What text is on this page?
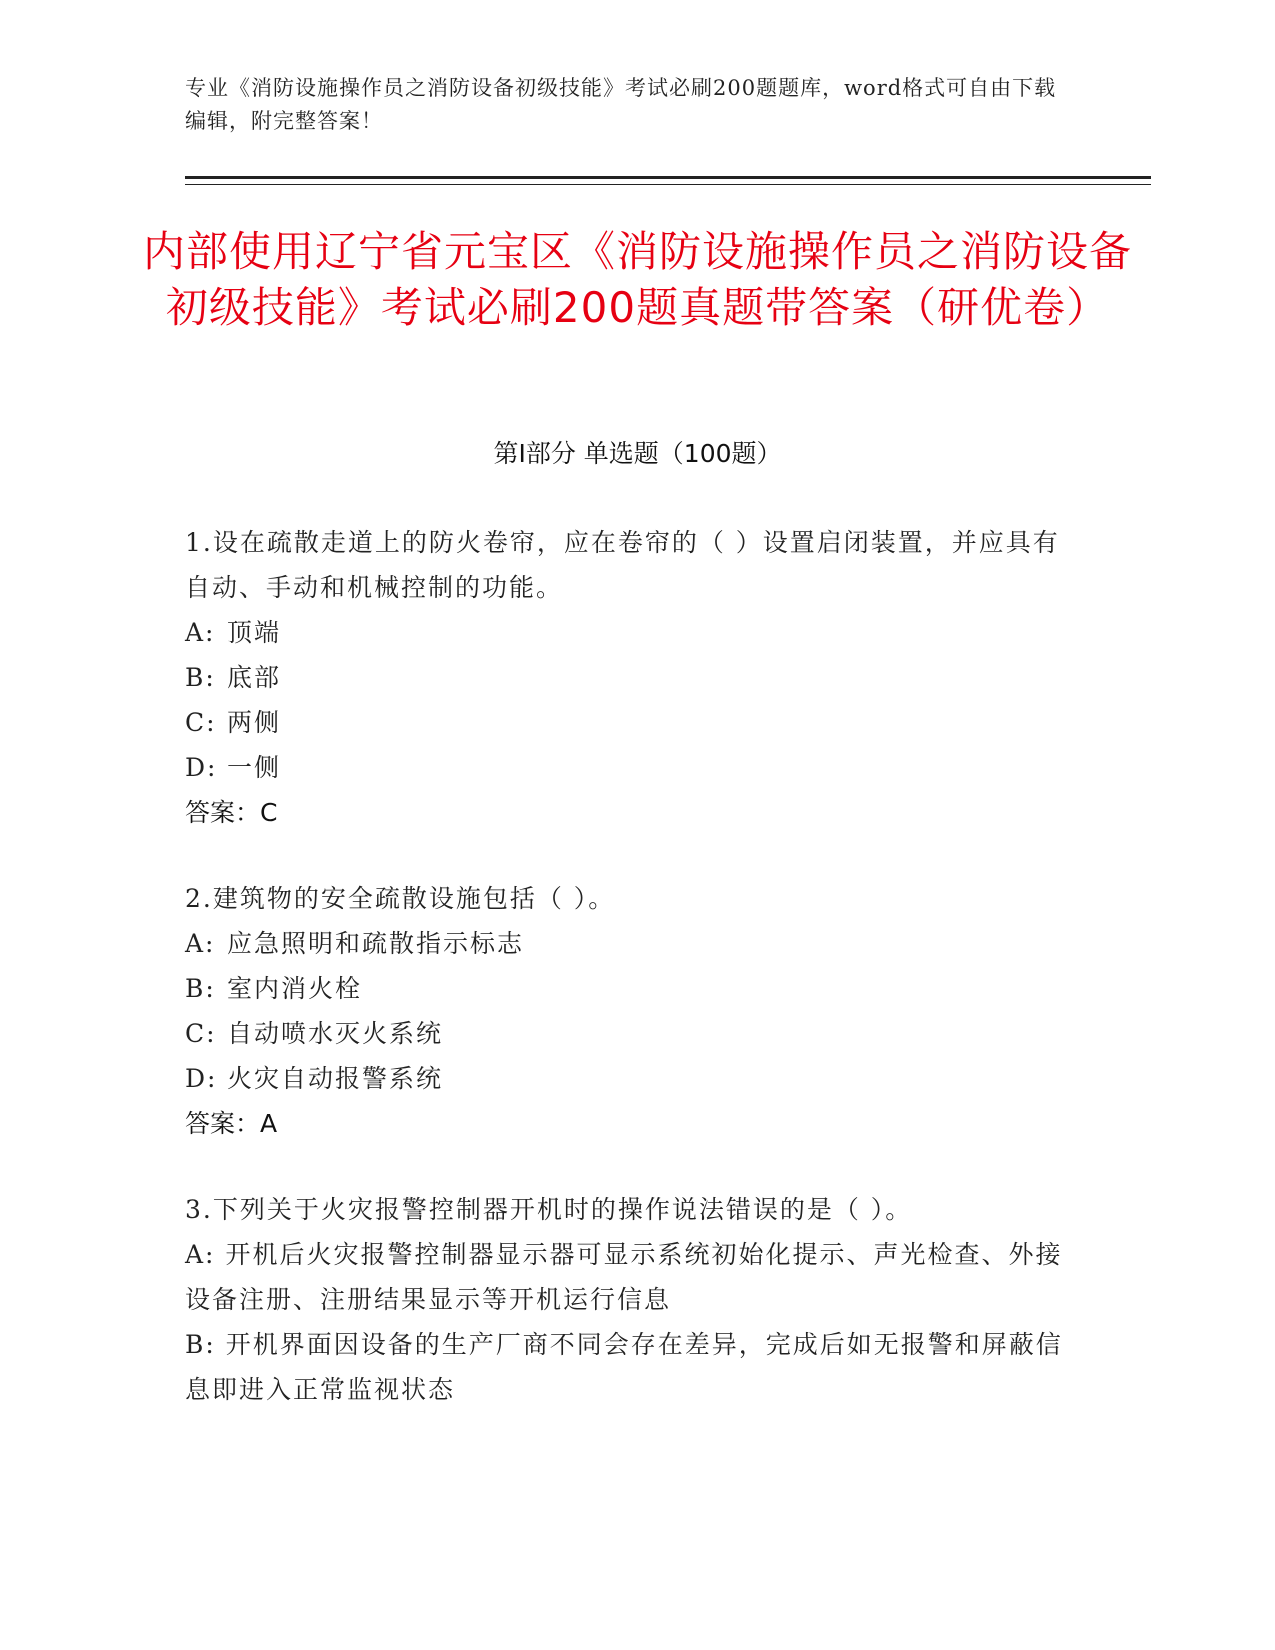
专业《消防设施操作员之消防设备初级技能》考试必刷200题题库，word格式可自由下载编辑，附完整答案！
内部使用辽宁省元宝区《消防设施操作员之消防设备初级技能》考试必刷200题真题带答案（研优卷）
第Ⅰ部分 单选题（100题）
1.设在疏散走道上的防火卷帘，应在卷帘的（ ）设置启闭装置，并应具有自动、手动和机械控制的功能。
A: 顶端
B: 底部
C: 两侧
D: 一侧
答案：C
2.建筑物的安全疏散设施包括（ ）。
A: 应急照明和疏散指示标志
B: 室内消火栓
C: 自动喷水灭火系统
D: 火灾自动报警系统
答案：A
3.下列关于火灾报警控制器开机时的操作说法错误的是（ ）。
A: 开机后火灾报警控制器显示器可显示系统初始化提示、声光检查、外接设备注册、注册结果显示等开机运行信息
B: 开机界面因设备的生产厂商不同会存在差异，完成后如无报警和屏蔽信息即进入正常监视状态
